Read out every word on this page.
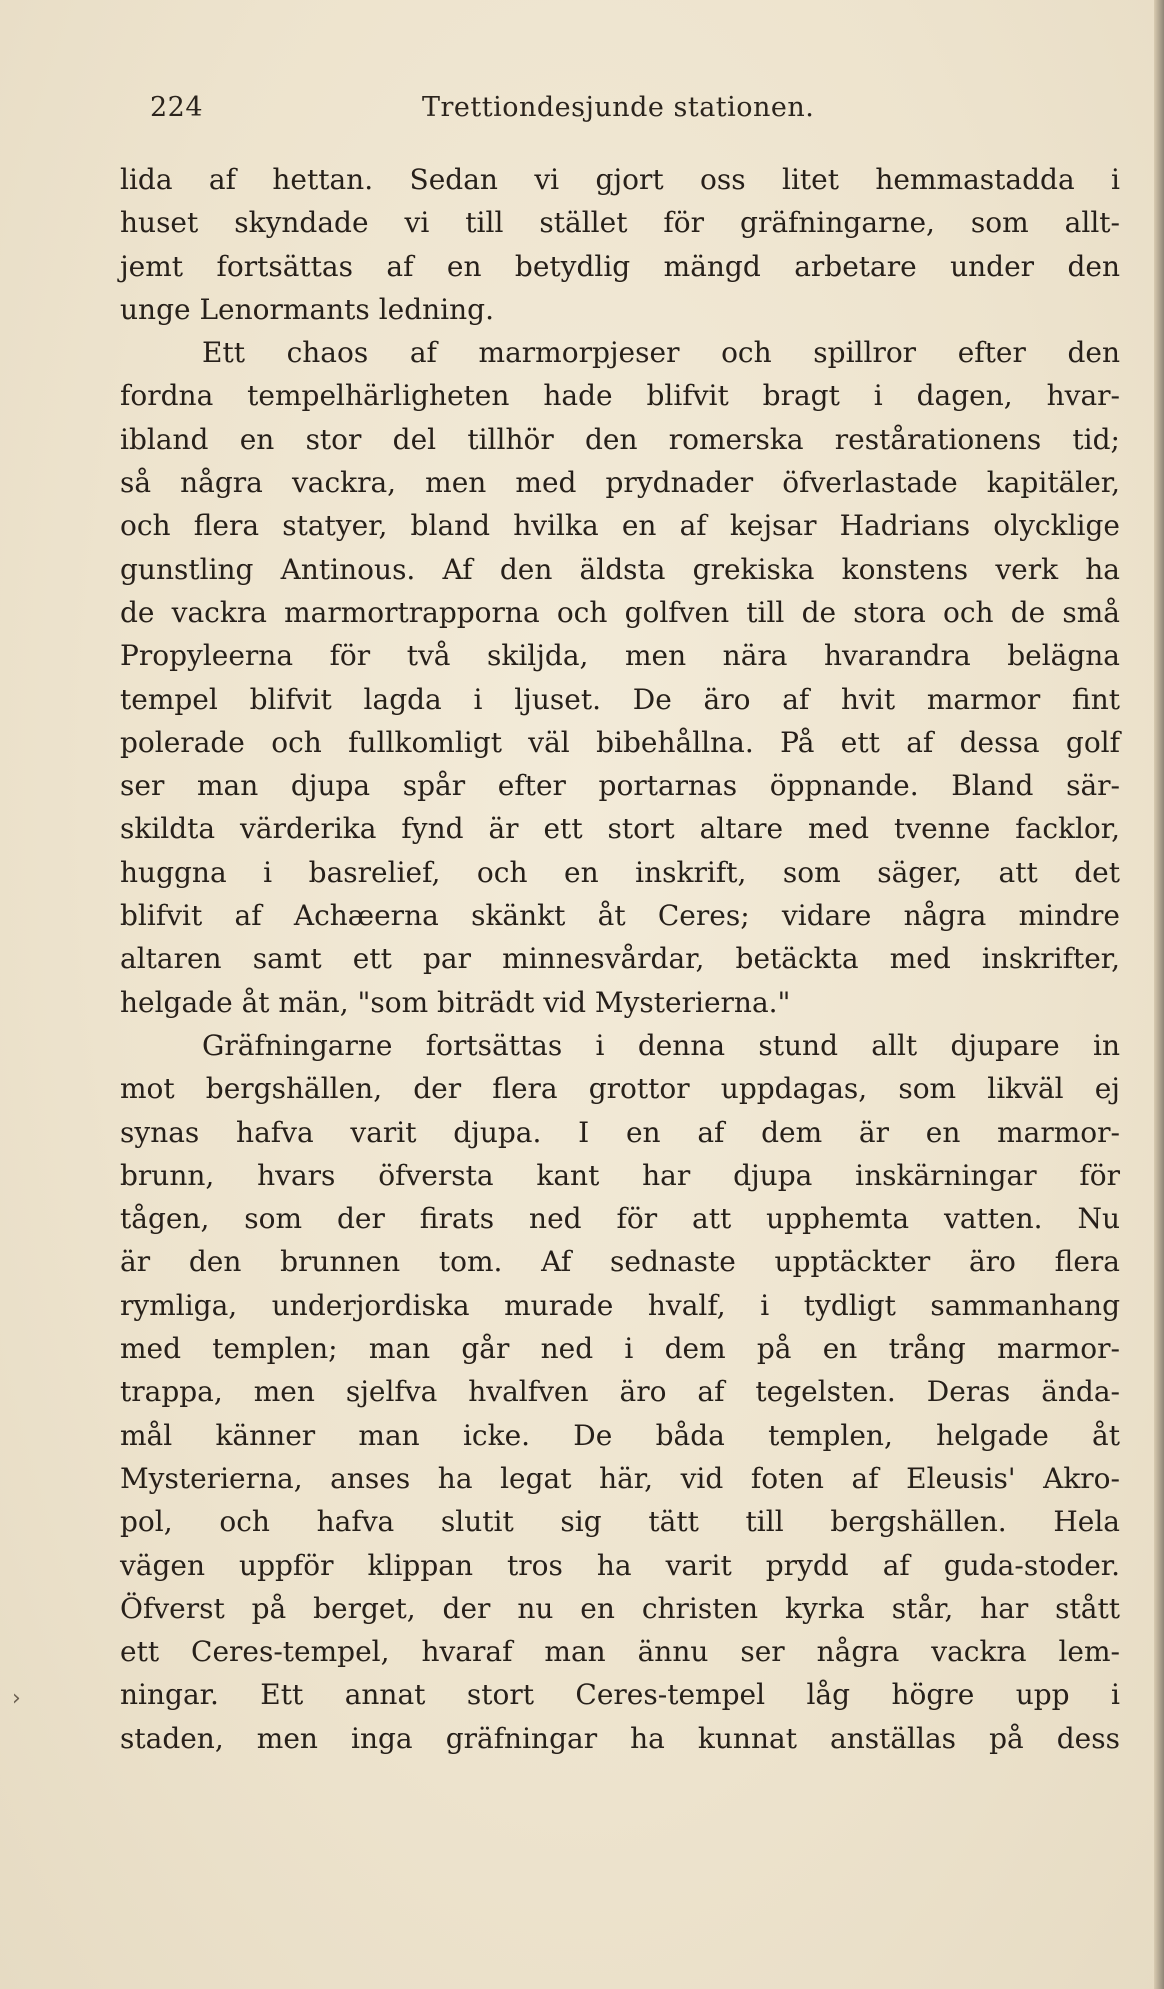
224	Trettiondesjunde stationen.
lida af hettan. Sedan vi gjort oss litet hemmastadda i
huset skyndade vi till stället för gräfningarne, som allt-
jemt fortsättas af en betydlig mängd arbetare under den
unge Lenormants ledning.
Ett chaos af marmorpjeser och spillror efter den
fordna tempelhärligheten hade blifvit bragt i dagen, hvar-
ibland en stor del tillhör den romerska restårationens tid;
så några vackra, men med prydnader öfverlastade kapitäler,
och flera statyer, bland hvilka en af kejsar Hadrians olycklige
gunstling Antinous. Af den äldsta grekiska konstens verk ha
de vackra marmortrapporna och golfven till de stora och de små
Propyleerna för två skiljda, men nära hvarandra belägna
tempel blifvit lagda i ljuset. De äro af hvit marmor fint
polerade och fullkomligt väl bibehållna. På ett af dessa golf
ser man djupa spår efter portarnas öppnande. Bland sär-
skildta värderika fynd är ett stort altare med tvenne facklor,
huggna i basrelief, och en inskrift, som säger, att det
blifvit af Achæerna skänkt åt Ceres; vidare några mindre
altaren samt ett par minnesvårdar, betäckta med inskrifter,
helgade åt män, "som biträdt vid Mysterierna."
Gräfningarne fortsättas i denna stund allt djupare in
mot bergshällen, der flera grottor uppdagas, som likväl ej
synas hafva varit djupa. I en af dem är en marmor-
brunn, hvars öfversta kant har djupa inskärningar för
tågen, som der firats ned för att upphemta vatten. Nu
är den brunnen tom. Af sednaste upptäckter äro flera
rymliga, underjordiska murade hvalf, i tydligt sammanhang
med templen; man går ned i dem på en trång marmor-
trappa, men sjelfva hvalfven äro af tegelsten. Deras ända-
mål känner man icke. De båda templen, helgade åt
Mysterierna, anses ha legat här, vid foten af Eleusis' Akro-
pol, och hafva slutit sig tätt till bergshällen. Hela
vägen uppför klippan tros ha varit prydd af guda-stoder.
Öfverst på berget, der nu en christen kyrka står, har stått
ett Ceres-tempel, hvaraf man ännu ser några vackra lem-
ningar. Ett annat stort Ceres-tempel låg högre upp i
staden, men inga gräfningar ha kunnat anställas på dess
›
